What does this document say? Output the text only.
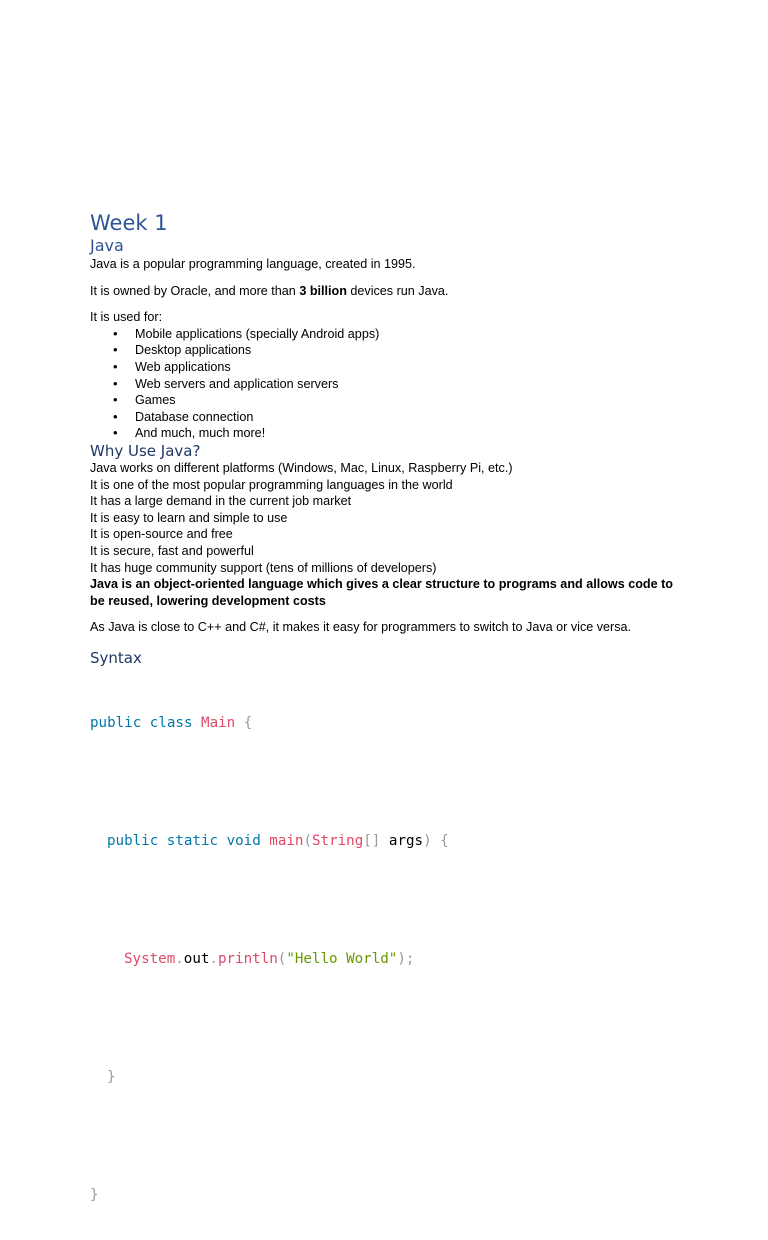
Week 1
Java

Java is a popular programming language, created in 1995.

It is owned by Oracle, and more than 3 billion devices run Java.

It is used for:

• Mobile applications (specially Android apps)
• Desktop applications
• Web applications
• Web servers and application servers
• Games
• Database connection
• And much, much more!
Why Use Java?

Java works on different platforms (Windows, Mac, Linux, Raspberry Pi, etc.)

It is one of the most popular programming languages in the world

It has a large demand in the current job market

It is easy to learn and simple to use

It is open-source and free

It is secure, fast and powerful

It has huge community support (tens of millions of developers)

Java is an object-oriented language which gives a clear structure to programs and allows code to be reused, lowering development costs

As Java is close to C++ and C#, it makes it easy for programmers to switch to Java or vice versa.

Syntax

public class Main {

public static void main(String[] args) {

System.out.println("Hello World");

}

}
